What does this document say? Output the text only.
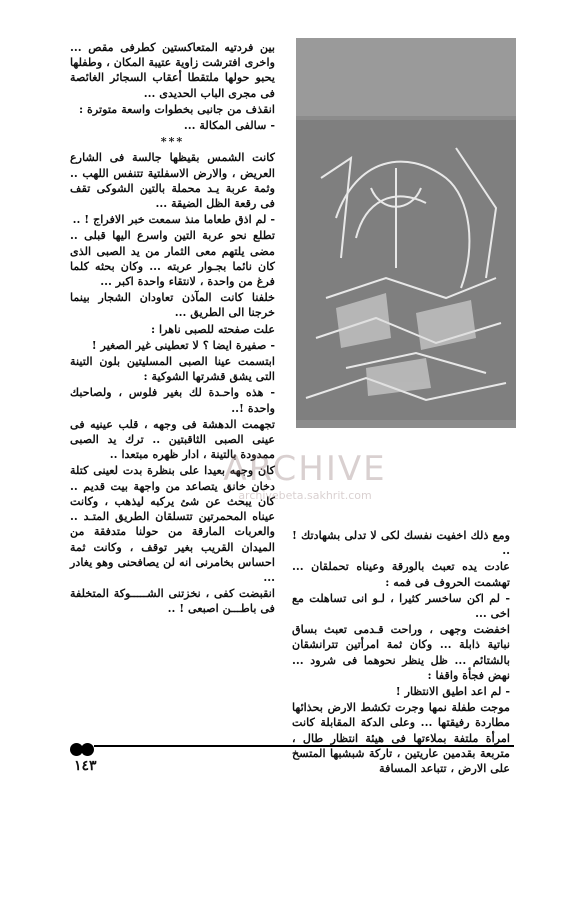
بين فردتيه المتعاكستين كطرفى مقص ... واخرى افترشت زاوية عتيبة المكان ، وطفلها يحبو حولها ملتقطا أعقاب السجائر الغائصة فى مجرى الباب الحديدى ...

انقذف من جانبى بخطوات واسعة متوترة :

- سالفى المكالة ...

***

كانت الشمس بقيظها جالسة فى الشارع العريض ، والارض الاسفلتية تتنفس اللهب .. وثمة عربة يـد محملة بالتين الشوكى تقف فى رقعة الظل الضيقة ...

- لم اذق طعاما منذ سمعت خبر الافراج ! ..

تطلع نحو عربة التين واسرع اليها قبلى .. مضى يلتهم معى الثمار من يد الصبى الذى كان نائما بجـوار عربته ... وكان بحثه كلما فرغ من واحدة ، لانتقاء واحدة اكبر ...

خلفنا كانت المآذن تعاودان الشجار بينما خرجنا الى الطريق ...

علت صفحته للصبى ناهرا :

- صفيرة ايضا ؟ لا تعطينى غير الصغير !

ابتسمت عينا الصبى المسليتين بلون التينة التى يشق قشرتها الشوكية :

- هذه واحـدة لك بغير فلوس ، ولصاحبك واحدة !..

تجهمت الدهشة فى وجهه ، قلب عينيه فى عينى الصبى الثاقبتين .. ترك يد الصبى ممدودة بالتينة ، ادار ظهره مبتعدا ..

كان وجهه بعيدا على بنظرة بدت لعينى كتلة دخان خانق يتصاعد من واجهة بيت قديم .. كان يبحث عن شئ يركبه ليذهب ، وكانت عيناه المحمرتين تتسلقان الطريق المتـد .. والعربات المارقة من حولنا متدفقة من الميدان القريب بغير توقف ، وكانت ثمة احساس بخامرنى انه لن يصافحنى وهو يغادر ...

انقبضت كفى ، نخزتنى الشـــــوكة المتخلفة فى باطـــن اصبعى ! ..

ومع ذلك اخفيت نفسك لكى لا تدلى بشهادتك ! ..

عادت يده تعبث بالورقة وعيناه تحملقان ... تهشمت الحروف فى فمه :

- لم اكن ساخسر كثيرا ، لـو انى تساهلت مع اخى ...

اخفضت وجهى ، وراحت قـدمى تعبث بساق نباتية ذابلة ... وكان ثمة امرأتين تترانشقان بالشتائم ... ظل ينظر نحوهما فى شرود ... نهض فجأة واقفا :

- لم اعد اطيق الانتظار !

موجت طفلة نمها وجرت تكشط الارض بحذائها مطاردة رفيقتها ... وعلى الدكة المقابلة كانت امرأة ملتفة بملاءتها فى هيئة انتظار طال ، متربعة بقدمين عاريتين ، تاركة شبشبها المتسخ على الارض ، تتباعد المسافة

ARCHIVE
archivebeta.sakhrit.com
١٤٣
